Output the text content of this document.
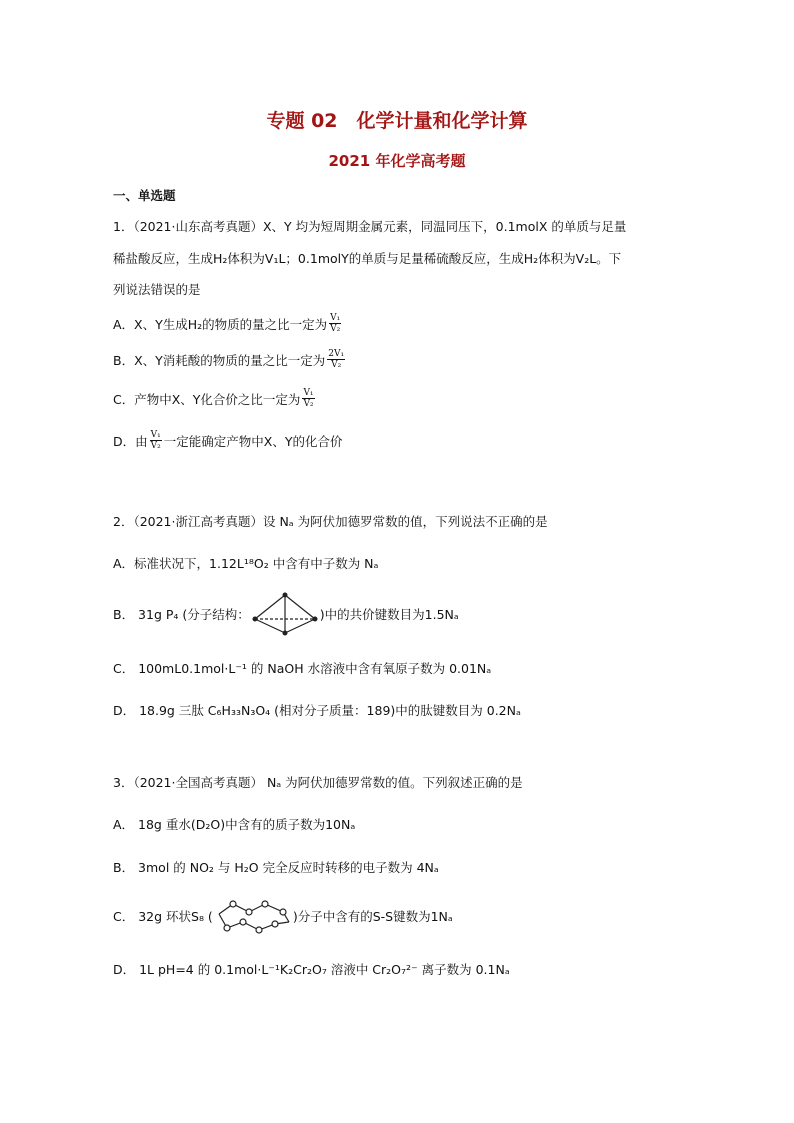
专题 02　化学计量和化学计算
2021 年化学高考题
一、单选题
1．（2021·山东高考真题）X、Y 均为短周期金属元素，同温同压下，0.1molX 的单质与足量
稀盐酸反应，生成H₂体积为V₁L；0.1molY的单质与足量稀硫酸反应，生成H₂体积为V₂L。下
列说法错误的是
A．X、Y生成H₂的物质的量之比一定为 $\frac{\text{V₁}}{\text{V₂}}$
B．X、Y消耗酸的物质的量之比一定为 $\frac{\text{2V₁}}{\text{V₂}}$
C．产物中X、Y化合价之比一定为 $\frac{\text{V₁}}{\text{V₂}}$
D．由 $\frac{\text{V₁}}{\text{V₂}}$ 一定能确定产物中X、Y的化合价
2．（2021·浙江高考真题）设 Nₐ 为阿伏加德罗常数的值，下列说法不正确的是
A．标准状况下，1.12L¹⁸O₂ 中含有中子数为 Nₐ
B． 31g P₄ (分子结构：	)中的共价键数目为1.5Nₐ
C． 100mL0.1mol·L⁻¹ 的 NaOH 水溶液中含有氧原子数为 0.01Nₐ
D． 18.9g 三肽 C₆H₃₃N₃O₄ (相对分子质量：189)中的肽键数目为 0.2Nₐ
3．（2021·全国高考真题） Nₐ 为阿伏加德罗常数的值。下列叙述正确的是
A． 18g 重水(D₂O)中含有的质子数为10Nₐ
B． 3mol 的 NO₂ 与 H₂O 完全反应时转移的电子数为 4Nₐ
C． 32g 环状S₈ (	)分子中含有的S-S键数为1Nₐ
D． 1L pH=4 的 0.1mol·L⁻¹K₂Cr₂O₇ 溶液中 Cr₂O₇²⁻ 离子数为 0.1Nₐ
